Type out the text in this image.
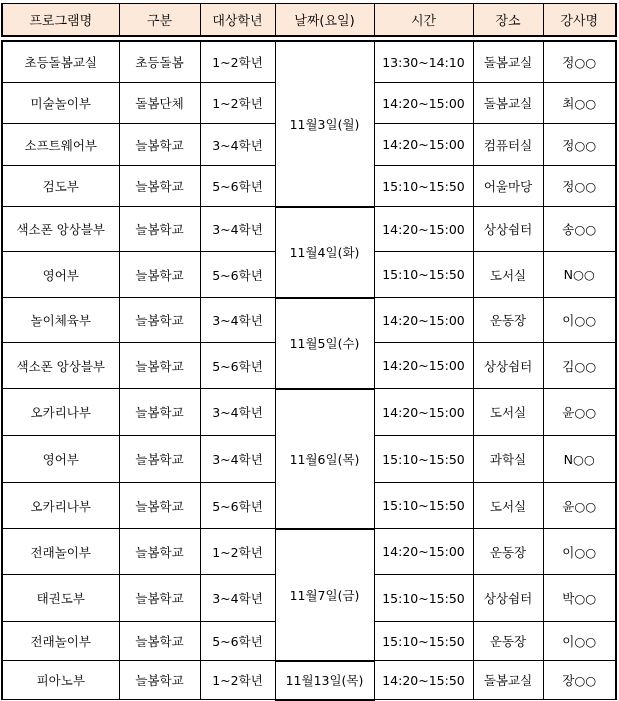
프로그램명	구분	대상학년	날짜(요일)	시간	장소	강사명

초등돌봄교실	초등돌봄	1~2학년	11월3일(월)	13:30~14:10	돌봄교실	정○○
미술놀이부	돌봄단체	1~2학년		14:20~15:00	돌봄교실	최○○
소프트웨어부	늘봄학교	3~4학년		14:20~15:00	컴퓨터실	정○○
검도부	늘봄학교	5~6학년		15:10~15:50	어울마당	정○○
색소폰 앙상블부	늘봄학교	3~4학년	11월4일(화)	14:20~15:00	상상쉼터	송○○
영어부	늘봄학교	5~6학년		15:10~15:50	도서실	N○○
놀이체육부	늘봄학교	3~4학년	11월5일(수)	14:20~15:00	운동장	이○○
색소폰 앙상블부	늘봄학교	5~6학년		14:20~15:00	상상쉼터	김○○
오카리나부	늘봄학교	3~4학년	11월6일(목)	14:20~15:00	도서실	윤○○
영어부	늘봄학교	3~4학년		15:10~15:50	과학실	N○○
오카리나부	늘봄학교	5~6학년		15:10~15:50	도서실	윤○○
전래놀이부	늘봄학교	1~2학년	11월7일(금)	14:20~15:00	운동장	이○○
태권도부	늘봄학교	3~4학년		15:10~15:50	상상쉼터	박○○
전래놀이부	늘봄학교	5~6학년		15:10~15:50	운동장	이○○
피아노부	늘봄학교	1~2학년	11월13일(목)	14:20~15:50	돌봄교실	장○○
